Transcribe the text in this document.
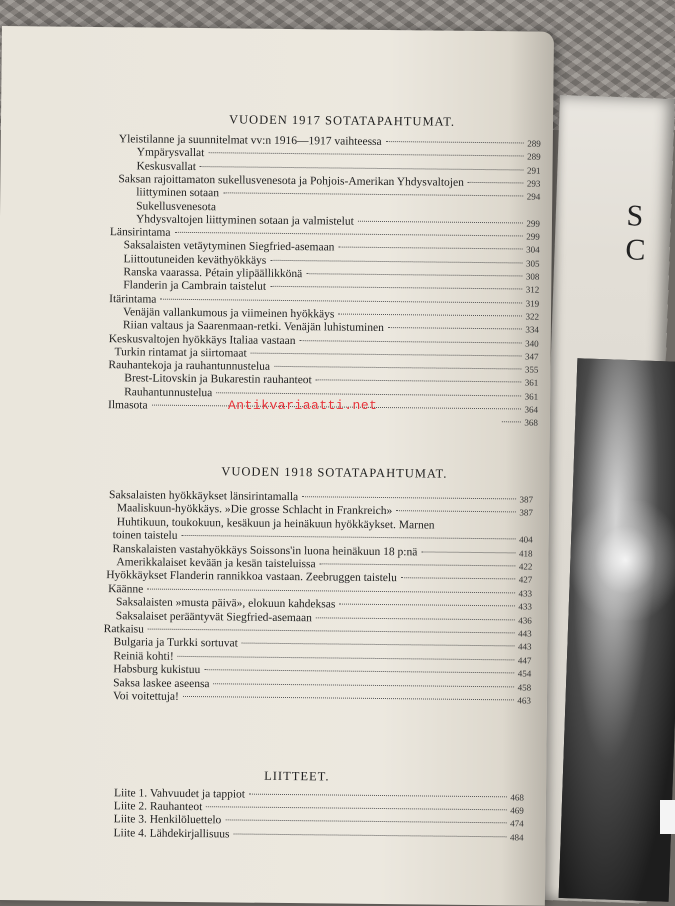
S C
VUODEN 1917 SOTATAPAHTUMAT.
Yleistilanne ja suunnitelmat vv:n 1916—1917 vaihteessa	289
Ympärysvallat	289
Keskusvallat	291
Saksan rajoittamaton sukellusvenesota ja Pohjois-Amerikan Yhdysvaltojen	293
liittyminen sotaan	294
Sukellusvenesota
Yhdysvaltojen liittyminen sotaan ja valmistelut	299
Länsirintama	299
Saksalaisten vetäytyminen Siegfried-asemaan	304
Liittoutuneiden keväthyökkäys	305
Ranska vaarassa. Pétain ylipäällikkönä	308
Flanderin ja Cambrain taistelut	312
Itärintama	319
Venäjän vallankumous ja viimeinen hyökkäys	322
Riian valtaus ja Saarenmaan-retki. Venäjän luhistuminen	334
Keskusvaltojen hyökkäys Italiaa vastaan	340
Turkin rintamat ja siirtomaat	347
Rauhantekoja ja rauhantunnustelua	355
Brest-Litovskin ja Bukarestin rauhanteot	361
Rauhantunnustelua	361
Ilmasota	364
368
VUODEN 1918 SOTATAPAHTUMAT.
Saksalaisten hyökkäykset länsirintamalla	387
Maaliskuun-hyökkäys. »Die grosse Schlacht in Frankreich»	387
Huhtikuun, toukokuun, kesäkuun ja heinäkuun hyökkäykset. Marnen
toinen taistelu	404
Ranskalaisten vastahyökkäys Soissons'in luona heinäkuun 18 p:nä	418
Amerikkalaiset kevään ja kesän taisteluissa	422
Hyökkäykset Flanderin rannikkoa vastaan. Zeebruggen taistelu	427
Käänne	433
Saksalaisten »musta päivä», elokuun kahdeksas	433
Saksalaiset perääntyvät Siegfried-asemaan	436
Ratkaisu	443
Bulgaria ja Turkki sortuvat	443
Reiniä kohti!	447
Habsburg kukistuu	454
Saksa laskee aseensa	458
Voi voitettuja!	463
LIITTEET.
Liite 1. Vahvuudet ja tappiot	468
Liite 2. Rauhanteot	469
Liite 3. Henkilöluettelo	474
Liite 4. Lähdekirjallisuus	484
Antikvariaatti.net
